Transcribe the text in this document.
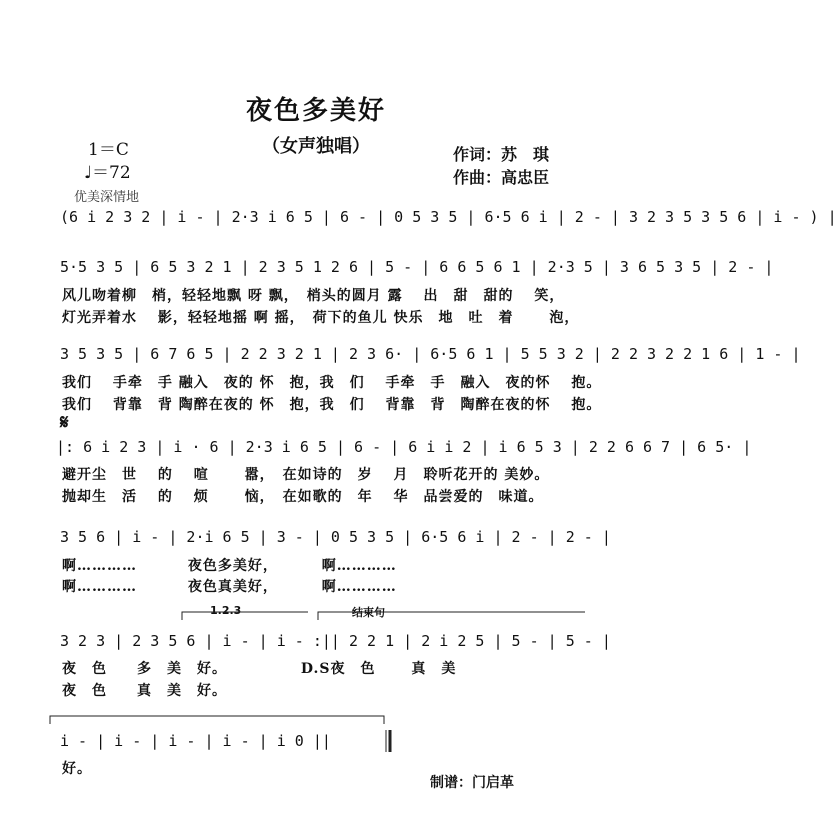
夜色多美好
（女声独唱）
1＝C
♩＝72
作词：苏　琪
作曲：高忠臣
优美深情地
(6 i 2 3 2 | i - | 2·3 i 6 5 | 6 - | 0 5 3 5 | 6·5 6 i | 2 - | 3 2 3 5 3 5 6 | i - ) |
5·5 3 5 | 6 5 3 2 1 | 2 3 5 1 2 6 | 5 - | 6 6 5 6 1 | 2·3 5 | 3 6 5 3 5 | 2 - |
风儿吻着柳　梢，轻轻地飘 呀 飘，　梢头的圆月 露　 出　甜　甜的　 笑，
灯光弄着水　 影，轻轻地摇 啊 摇，　荷下的鱼儿 快乐　地　吐　着　　 泡，
3 5 3 5 | 6 7 6 5 | 2 2 3 2 1 | 2 3 6· | 6·5 6 1 | 5 5 3 2 | 2 2 3 2 2 1 6 | 1 - |
我们　 手牵　手 融入　夜的 怀　抱，我　们　 手牵　手　融入　夜的怀　 抱。
我们　 背靠　背 陶醉在夜的 怀　抱，我　们　 背靠　背　陶醉在夜的怀　 抱。
𝄋
|: 6 i 2 3 | i · 6 | 2·3 i 6 5 | 6 - | 6 i i 2 | i 6 5 3 | 2 2 6 6 7 | 6 5· |
避开尘　世　 的　 喧　　 嚣，　在如诗的　岁　 月　聆听花开的 美妙。
抛却生　活　 的　 烦　　 恼，　在如歌的　年　 华　品尝爱的　味道。
3 5 6 | i - | 2·i 6 5 | 3 - | 0 5 3 5 | 6·5 6 i | 2 - | 2 - |
啊…………　　　 夜色多美好，　　　 啊…………
啊…………　　　 夜色真美好，　　　 啊…………
1.2.3	结束句
3 2 3 | 2 3 5 6 | i - | i - :|| 2 2 1 | 2 i 2 5 | 5 - | 5 - |
夜　色　　多　美　好。　　　　　 D.S夜　色　　 真　美
夜　色　　真　美　好。
i - | i - | i - | i - | i 0 ||
好。
制谱：门启革
